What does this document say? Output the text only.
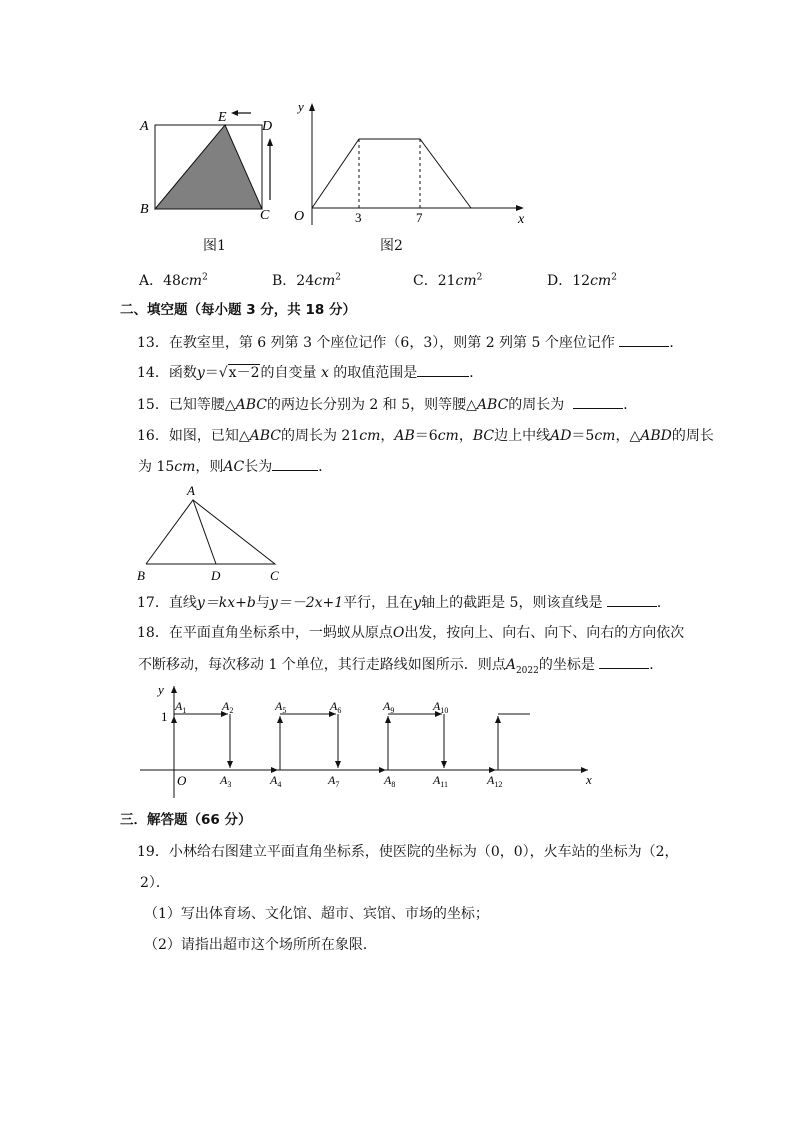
A
E
D
B	C
图1
y
x
O	3	7
图2
A．$48cm^2$	B．$24cm^2$	C．$21cm^2$	D．$12cm^2$
二、填空题（每小题 3 分，共 18 分）
13．在教室里，第 6 列第 3 个座位记作（6，3），则第 2 列第 5 个座位记作	．
14．函数y＝√x－2的自变量 x 的取值范围是	．
15．已知等腰△ABC的两边长分别为 2 和 5，则等腰△ABC的周长为	．
16．如图，已知△ABC的周长为 21cm，AB＝6cm，BC边上中线AD＝5cm，△ABD的周长
为 15cm，则AC长为	．
A
B	D	C
17．直线y＝kx+b与y＝－2x+1平行，且在y轴上的截距是 5，则该直线是	．
18．在平面直角坐标系中，一蚂蚁从原点O出发，按向上、向右、向下、向右的方向依次
不断移动，每次移动 1 个单位，其行走路线如图所示．则点$A_{2022}$的坐标是	．
y
x
O
1
$A_1$	$A_2$
$A_3$	$A_4$
$A_5$	$A_6$
$A_7$	$A_8$
$A_9$	$A_{10}$
$A_{11}$	$A_{12}$
三．解答题（66 分）
19．小林给右图建立平面直角坐标系，使医院的坐标为（0，0），火车站的坐标为（2，
2）．
（1）写出体育场、文化馆、超市、宾馆、市场的坐标；
（2）请指出超市这个场所所在象限．
